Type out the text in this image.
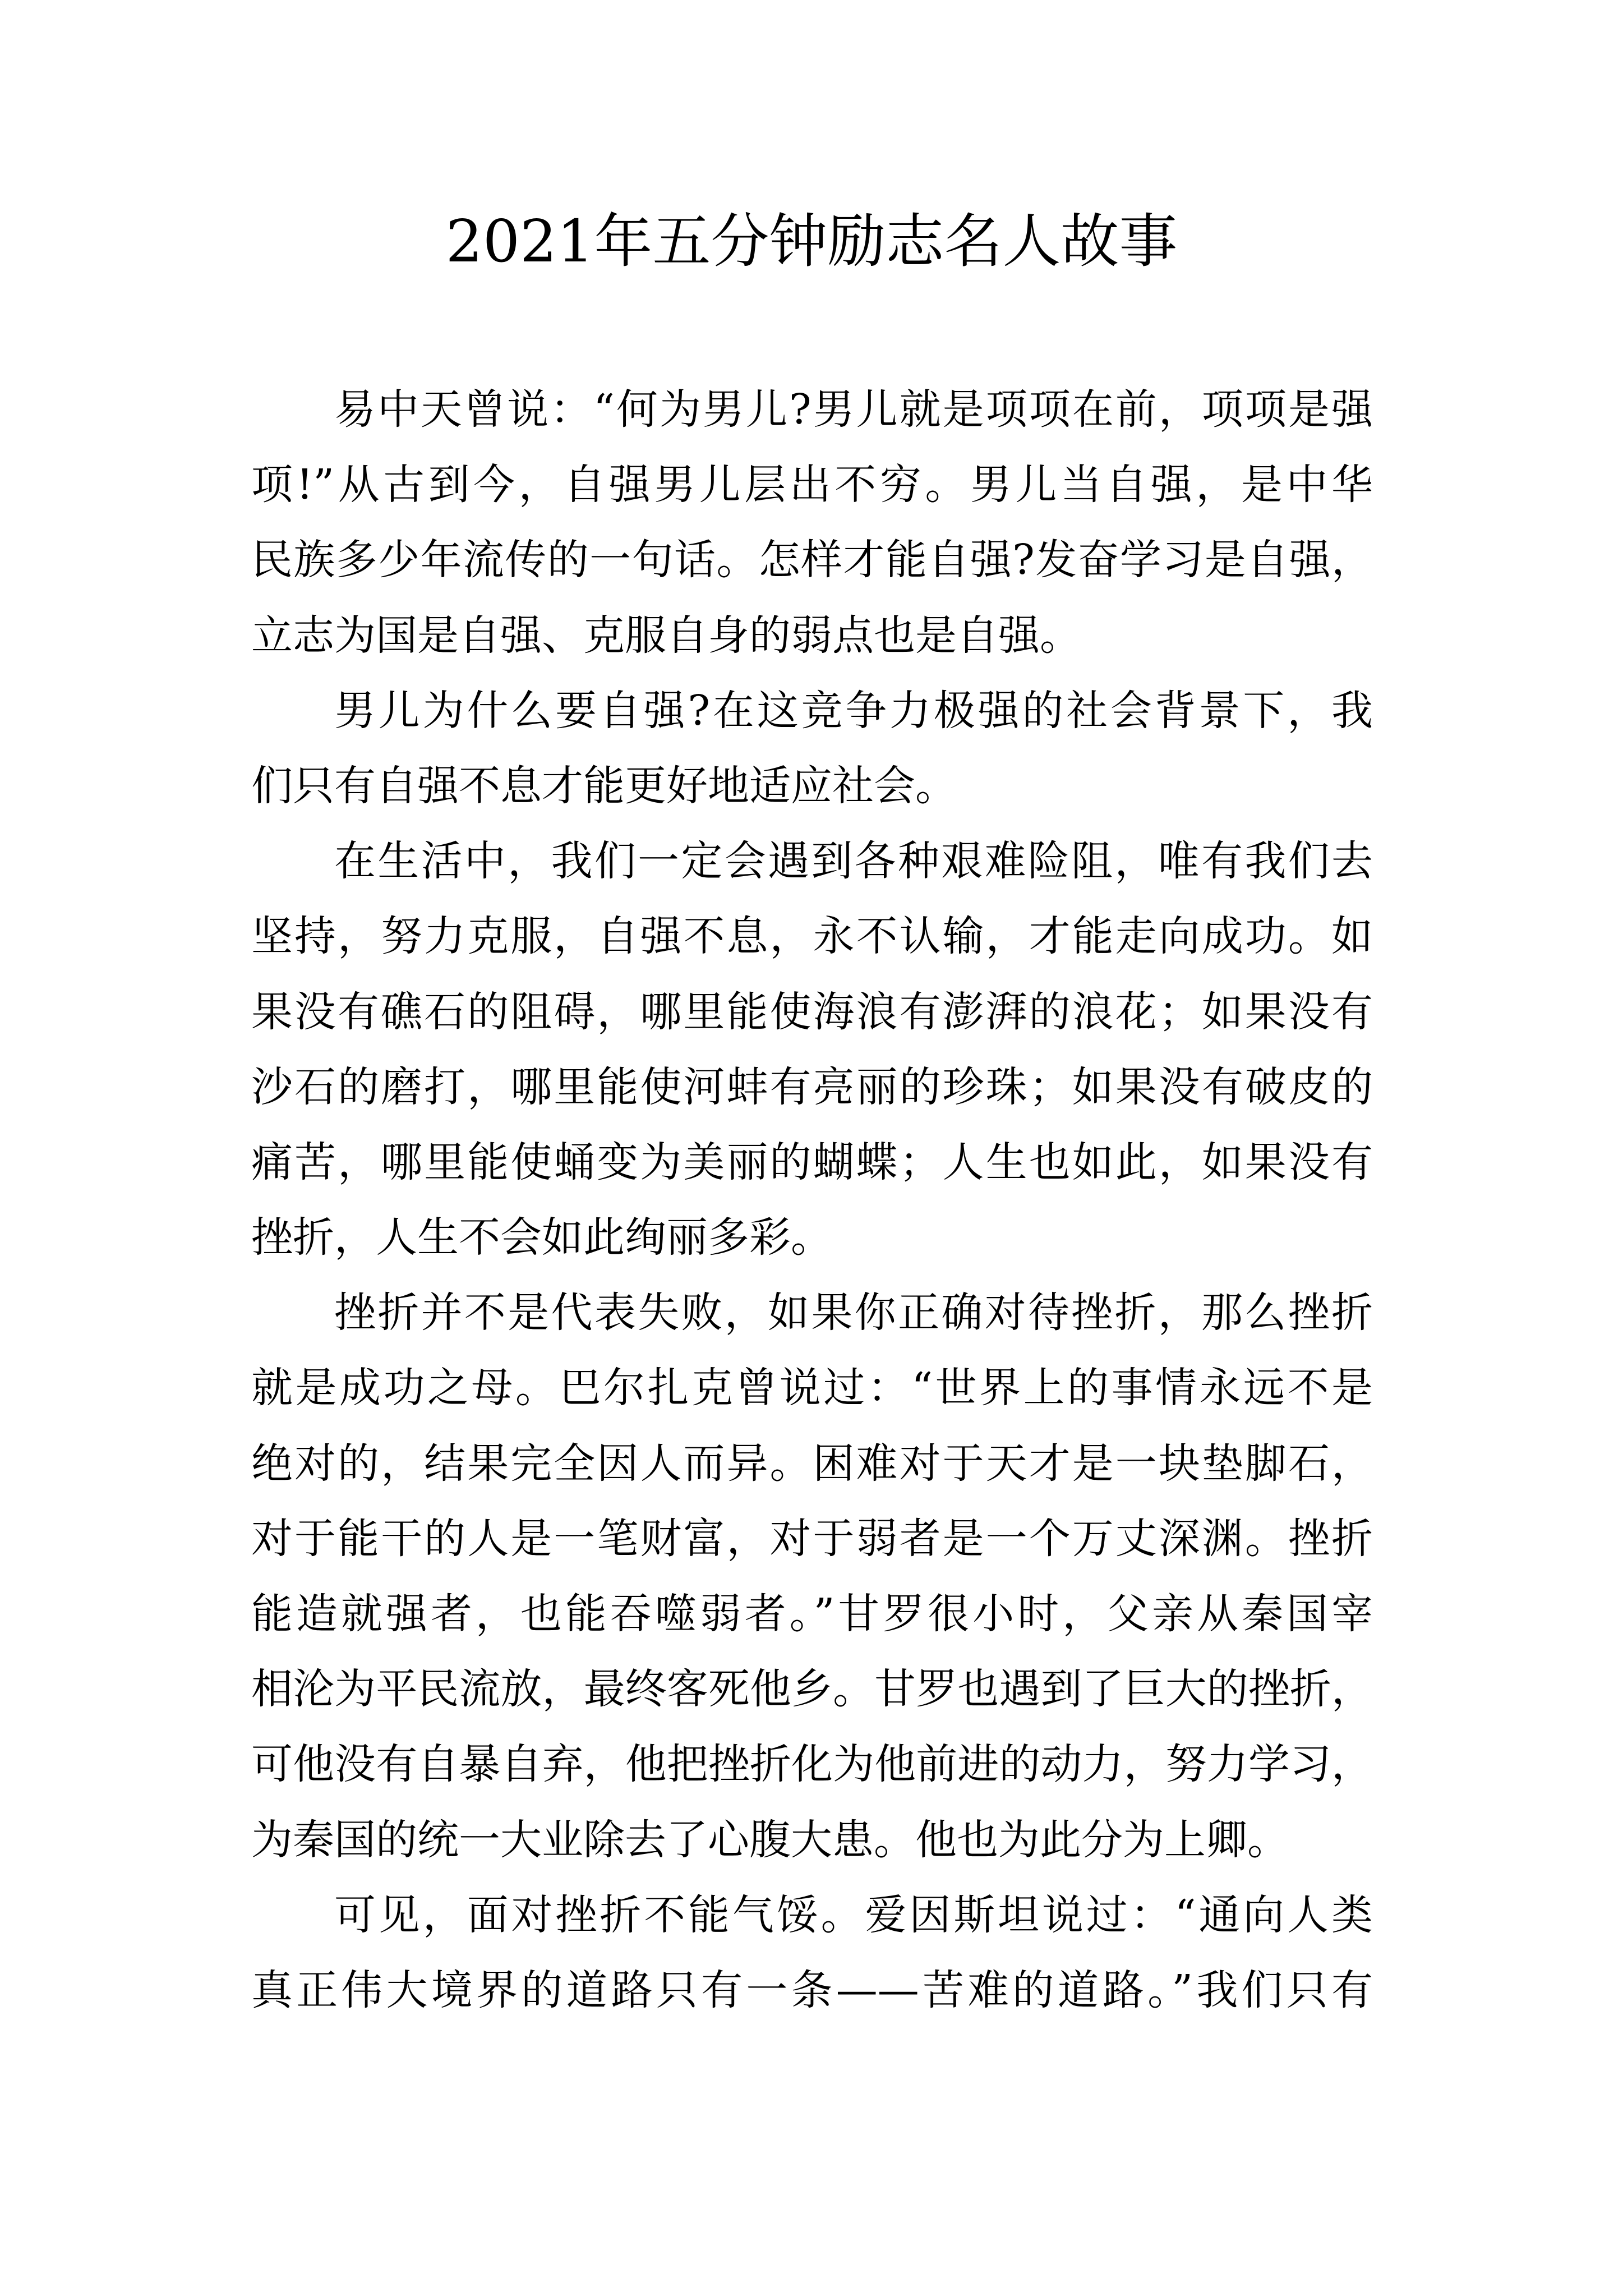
2021年五分钟励志名人故事

易中天曾说：“何为男儿?男儿就是项项在前，项项是强
项!”从古到今，自强男儿层出不穷。男儿当自强，是中华
民族多少年流传的一句话。怎样才能自强?发奋学习是自强，
立志为国是自强、克服自身的弱点也是自强。

男儿为什么要自强?在这竞争力极强的社会背景下，我
们只有自强不息才能更好地适应社会。

在生活中，我们一定会遇到各种艰难险阻，唯有我们去
坚持，努力克服，自强不息，永不认输，才能走向成功。如
果没有礁石的阻碍，哪里能使海浪有澎湃的浪花；如果没有
沙石的磨打，哪里能使河蚌有亮丽的珍珠；如果没有破皮的
痛苦，哪里能使蛹变为美丽的蝴蝶；人生也如此，如果没有
挫折，人生不会如此绚丽多彩。

挫折并不是代表失败，如果你正确对待挫折，那么挫折
就是成功之母。巴尔扎克曾说过：“世界上的事情永远不是
绝对的，结果完全因人而异。困难对于天才是一块垫脚石，
对于能干的人是一笔财富，对于弱者是一个万丈深渊。挫折
能造就强者，也能吞噬弱者。”甘罗很小时，父亲从秦国宰
相沦为平民流放，最终客死他乡。甘罗也遇到了巨大的挫折，
可他没有自暴自弃，他把挫折化为他前进的动力，努力学习，
为秦国的统一大业除去了心腹大患。他也为此分为上卿。

可见，面对挫折不能气馁。爱因斯坦说过：“通向人类
真正伟大境界的道路只有一条——苦难的道路。”我们只有
